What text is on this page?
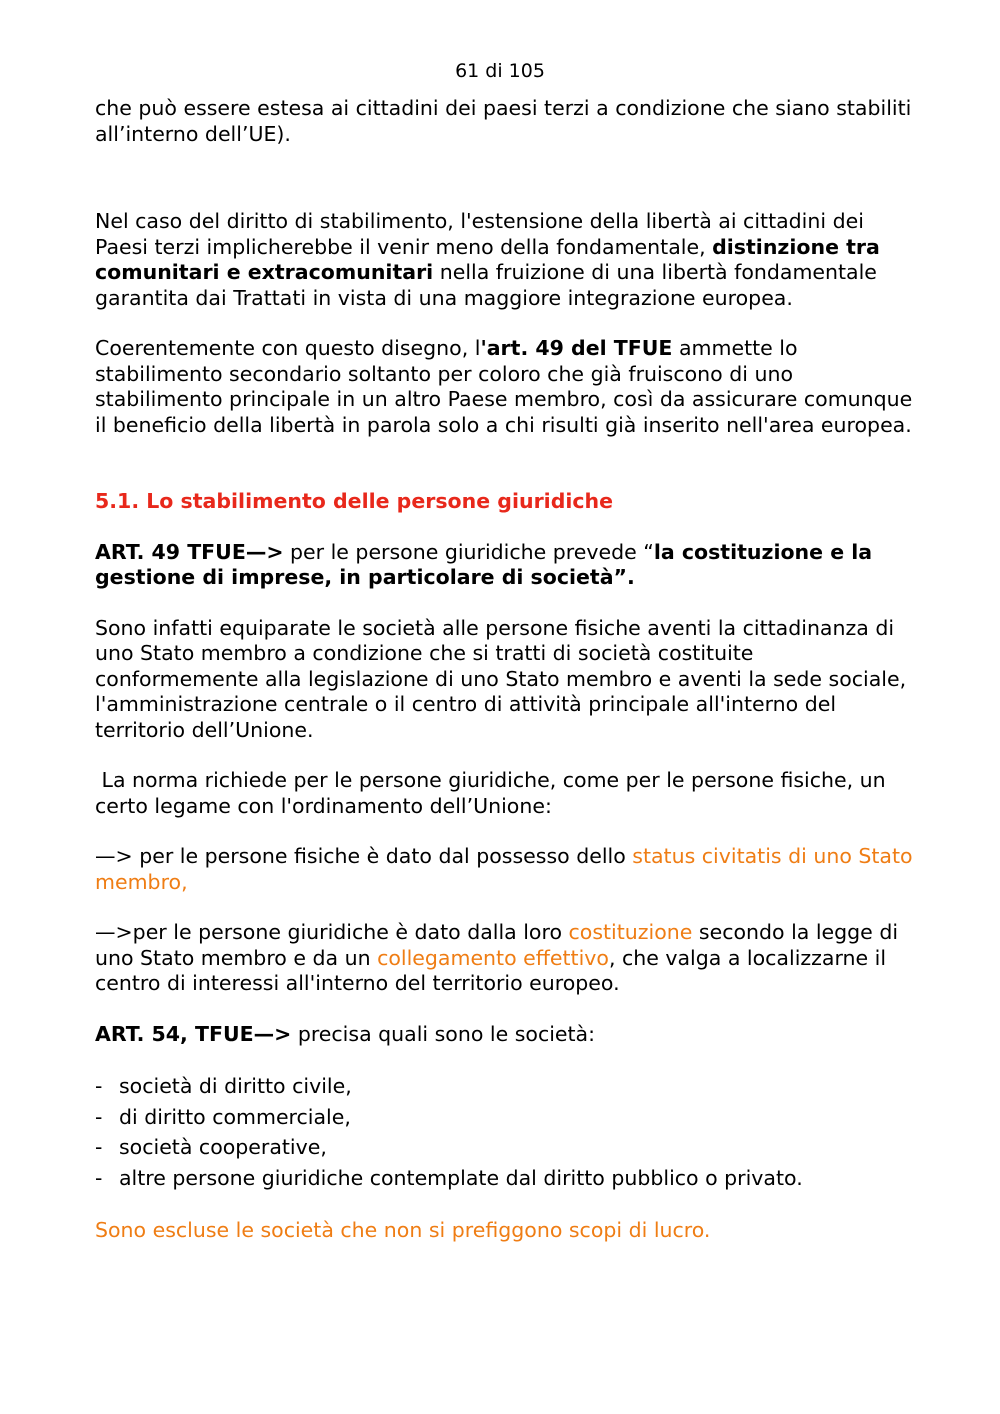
61 di 105

che può essere estesa ai cittadini dei paesi terzi a condizione che siano stabiliti all’interno dell’UE).

Nel caso del diritto di stabilimento, l'estensione della libertà ai cittadini dei Paesi terzi implicherebbe il venir meno della fondamentale, distinzione tra comunitari e extracomunitari nella fruizione di una libertà fondamentale garantita dai Trattati in vista di una maggiore integrazione europea.

Coerentemente con questo disegno, l'art. 49 del TFUE ammette lo stabilimento secondario soltanto per coloro che già fruiscono di uno stabilimento principale in un altro Paese membro, così da assicurare comunque il beneficio della libertà in parola solo a chi risulti già inserito nell'area europea.

5.1. Lo stabilimento delle persone giuridiche

ART. 49 TFUE—> per le persone giuridiche prevede “la costituzione e la gestione di imprese, in particolare di società”.

Sono infatti equiparate le società alle persone fisiche aventi la cittadinanza di uno Stato membro a condizione che si tratti di società costituite conformemente alla legislazione di uno Stato membro e aventi la sede sociale, l'amministrazione centrale o il centro di attività principale all'interno del territorio dell’Unione.

La norma richiede per le persone giuridiche, come per le persone fisiche, un certo legame con l'ordinamento dell’Unione:

—> per le persone fisiche è dato dal possesso dello status civitatis di uno Stato membro,

—>per le persone giuridiche è dato dalla loro costituzione secondo la legge di uno Stato membro e da un collegamento effettivo, che valga a localizzarne il centro di interessi all'interno del territorio europeo.

ART. 54, TFUE—> precisa quali sono le società:

- società di diritto civile,
- di diritto commerciale,
- società cooperative,
- altre persone giuridiche contemplate dal diritto pubblico o privato.

Sono escluse le società che non si prefiggono scopi di lucro.
